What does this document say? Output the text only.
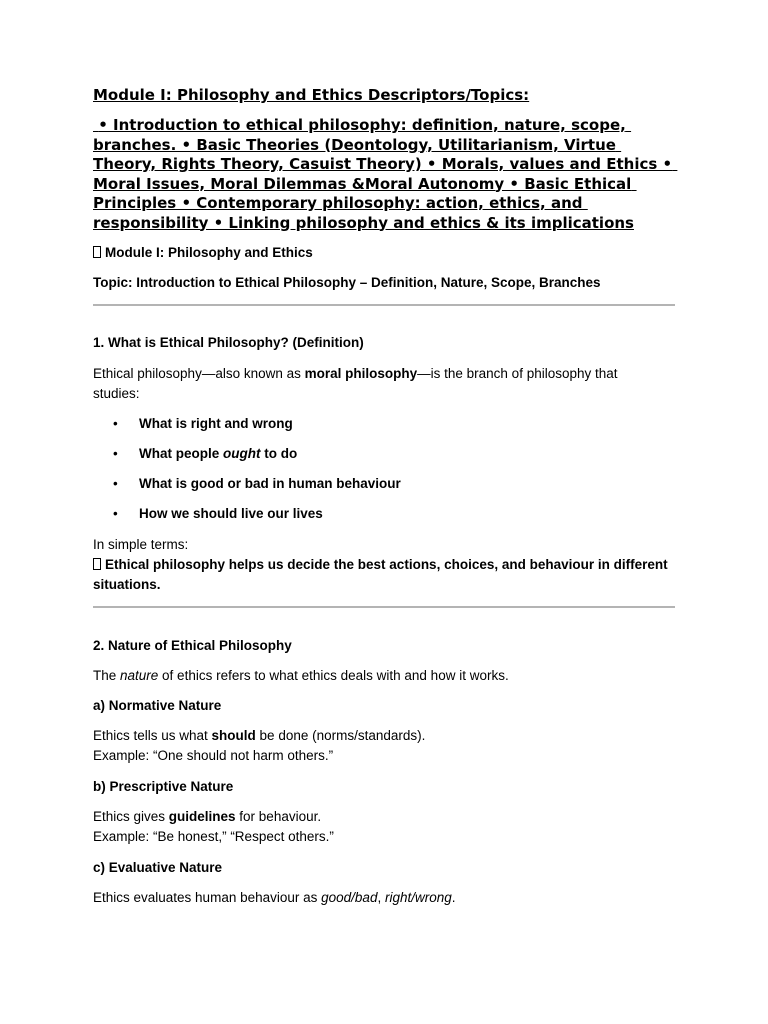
Module I: Philosophy and Ethics Descriptors/Topics:

• Introduction to ethical philosophy: definition, nature, scope, branches. • Basic Theories (Deontology, Utilitarianism, Virtue Theory, Rights Theory, Casuist Theory) • Morals, values and Ethics • Moral Issues, Moral Dilemmas &Moral Autonomy • Basic Ethical Principles • Contemporary philosophy: action, ethics, and responsibility • Linking philosophy and ethics & its implications

Module I: Philosophy and Ethics

Topic: Introduction to Ethical Philosophy – Definition, Nature, Scope, Branches

1. What is Ethical Philosophy? (Definition)

Ethical philosophy—also known as moral philosophy—is the branch of philosophy that
studies:

• What is right and wrong
• What people ought to do
• What is good or bad in human behaviour
• How we should live our lives

In simple terms:

Ethical philosophy helps us decide the best actions, choices, and behaviour in different
situations.

2. Nature of Ethical Philosophy

The nature of ethics refers to what ethics deals with and how it works.

a) Normative Nature

Ethics tells us what should be done (norms/standards).
Example: “One should not harm others.”

b) Prescriptive Nature

Ethics gives guidelines for behaviour.
Example: “Be honest,” “Respect others.”

c) Evaluative Nature

Ethics evaluates human behaviour as good/bad, right/wrong.
